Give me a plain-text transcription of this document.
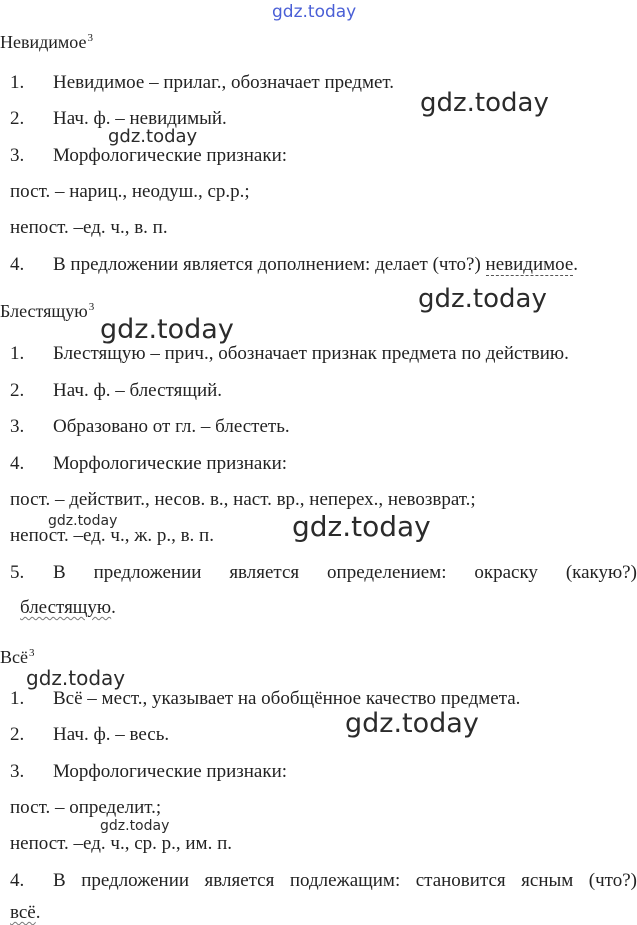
gdz.today
gdz.today
gdz.today
gdz.today
gdz.today
gdz.today	gdz.today
gdz.today
gdz.today
gdz.today
Невидимое$^3$
1. Невидимое – прилаг., обозначает предмет.
2. Нач. ф. – невидимый.
3. Морфологические признаки:
пост. – нариц., неодуш., ср.р.;
непост. –ед. ч., в. п.
4. В предложении является дополнением: делает (что?) невидимое.
Блестящую$^3$
1. Блестящую – прич., обозначает признак предмета по действию.
2. Нач. ф. – блестящий.
3. Образовано от гл. – блестеть.
4. Морфологические признаки:
пост. – действит., несов. в., наст. вр., неперех., невозврат.;
непост. –ед. ч., ж. р., в. п.
5. В предложении является определением: окраску (какую?)
блестящую.
Всё$^3$
1. Всё – мест., указывает на обобщённое качество предмета.
2. Нач. ф. – весь.
3. Морфологические признаки:
пост. – определит.;
непост. –ед. ч., ср. р., им. п.
4. В предложении является подлежащим: становится ясным (что?)
всё.
